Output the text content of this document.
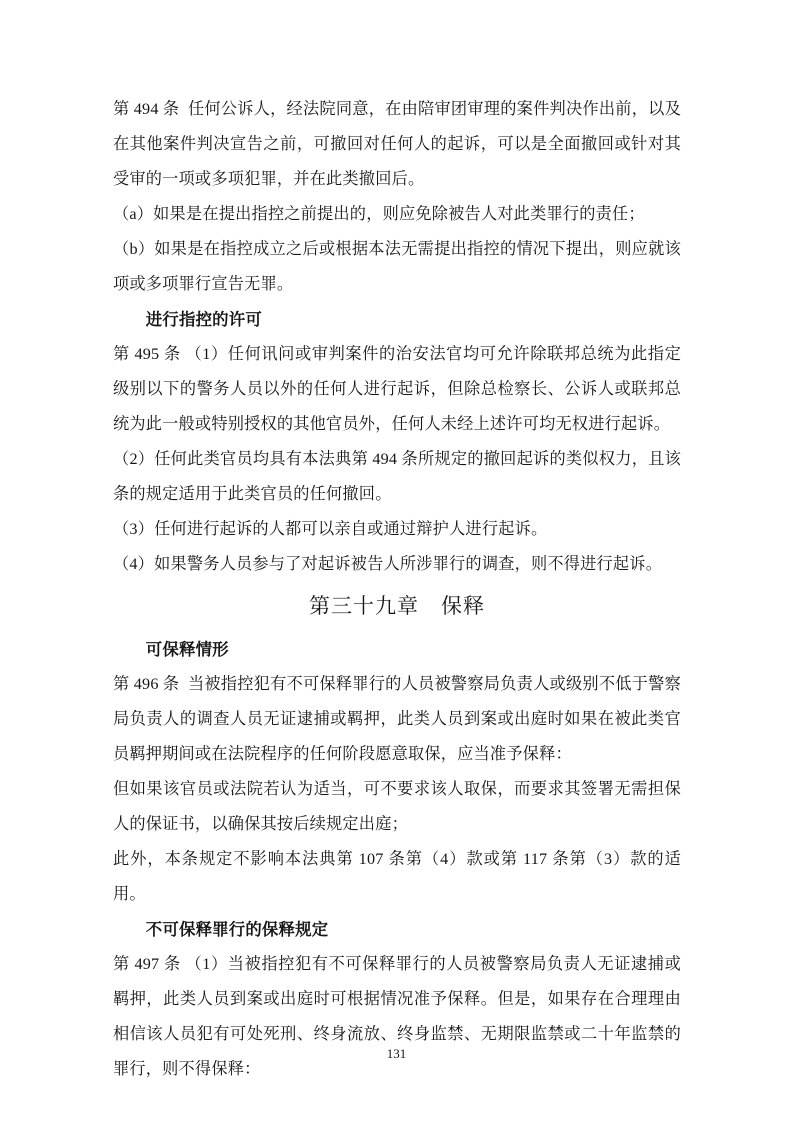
第 494 条  任何公诉人，经法院同意，在由陪审团审理的案件判决作出前，以及在其他案件判决宣告之前，可撤回对任何人的起诉，可以是全面撤回或针对其受审的一项或多项犯罪，并在此类撤回后。

（a）如果是在提出指控之前提出的，则应免除被告人对此类罪行的责任；

（b）如果是在指控成立之后或根据本法无需提出指控的情况下提出，则应就该项或多项罪行宣告无罪。

进行指控的许可

第 495 条 （1）任何讯问或审判案件的治安法官均可允许除联邦总统为此指定级别以下的警务人员以外的任何人进行起诉，但除总检察长、公诉人或联邦总统为此一般或特别授权的其他官员外，任何人未经上述许可均无权进行起诉。

（2）任何此类官员均具有本法典第 494 条所规定的撤回起诉的类似权力，且该条的规定适用于此类官员的任何撤回。

（3）任何进行起诉的人都可以亲自或通过辩护人进行起诉。

（4）如果警务人员参与了对起诉被告人所涉罪行的调查，则不得进行起诉。

第三十九章　保释
可保释情形

第 496 条  当被指控犯有不可保释罪行的人员被警察局负责人或级别不低于警察局负责人的调查人员无证逮捕或羁押，此类人员到案或出庭时如果在被此类官员羁押期间或在法院程序的任何阶段愿意取保，应当准予保释：

但如果该官员或法院若认为适当，可不要求该人取保，而要求其签署无需担保人的保证书，以确保其按后续规定出庭；

此外，本条规定不影响本法典第 107 条第（4）款或第 117 条第（3）款的适用。

不可保释罪行的保释规定

第 497 条 （1）当被指控犯有不可保释罪行的人员被警察局负责人无证逮捕或羁押，此类人员到案或出庭时可根据情况准予保释。但是，如果存在合理理由相信该人员犯有可处死刑、终身流放、终身监禁、无期限监禁或二十年监禁的罪行，则不得保释：

131
